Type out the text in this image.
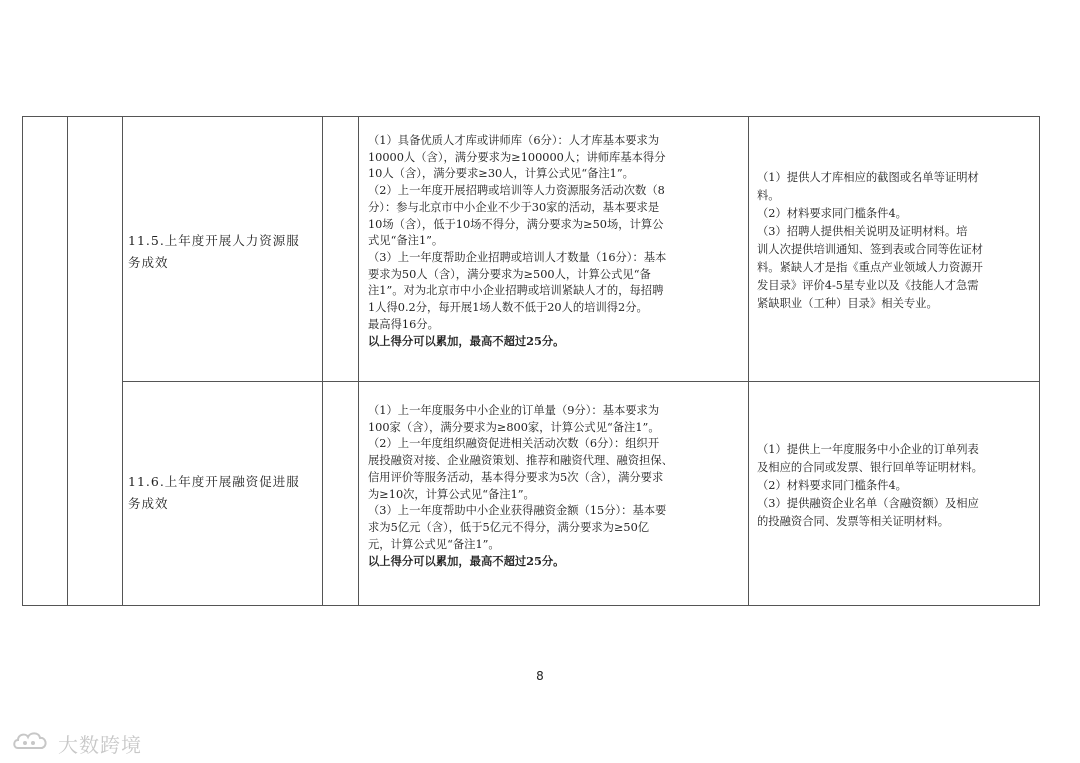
11.5.上年度开展人力资源服
务成效
（1）具备优质人才库或讲师库（6分）：人才库基本要求为
10000人（含），满分要求为≥100000人；讲师库基本得分
10人（含），满分要求≥30人，计算公式见“备注1”。
（2）上一年度开展招聘或培训等人力资源服务活动次数（8
分）：参与北京市中小企业不少于30家的活动，基本要求是
10场（含），低于10场不得分，满分要求为≥50场，计算公
式见“备注1”。
（3）上一年度帮助企业招聘或培训人才数量（16分）：基本
要求为50人（含），满分要求为≥500人，计算公式见“备
注1”。对为北京市中小企业招聘或培训紧缺人才的，每招聘
1人得0.2分，每开展1场人数不低于20人的培训得2分。
最高得16分。
以上得分可以累加，最高不超过25分。
（1）提供人才库相应的截图或名单等证明材
料。
（2）材料要求同门槛条件4。
（3）招聘人提供相关说明及证明材料。培
训人次提供培训通知、签到表或合同等佐证材
料。紧缺人才是指《重点产业领域人力资源开
发目录》评价4-5星专业以及《技能人才急需
紧缺职业（工种）目录》相关专业。
11.6.上年度开展融资促进服
务成效
（1）上一年度服务中小企业的订单量（9分）：基本要求为
100家（含），满分要求为≥800家，计算公式见“备注1”。
（2）上一年度组织融资促进相关活动次数（6分）：组织开
展投融资对接、企业融资策划、推荐和融资代理、融资担保、
信用评价等服务活动，基本得分要求为5次（含），满分要求
为≥10次，计算公式见“备注1”。
（3）上一年度帮助中小企业获得融资金额（15分）：基本要
求为5亿元（含），低于5亿元不得分，满分要求为≥50亿
元，计算公式见“备注1”。
以上得分可以累加，最高不超过25分。
（1）提供上一年度服务中小企业的订单列表
及相应的合同或发票、银行回单等证明材料。
（2）材料要求同门槛条件4。
（3）提供融资企业名单（含融资额）及相应
的投融资合同、发票等相关证明材料。
8
大数跨境
